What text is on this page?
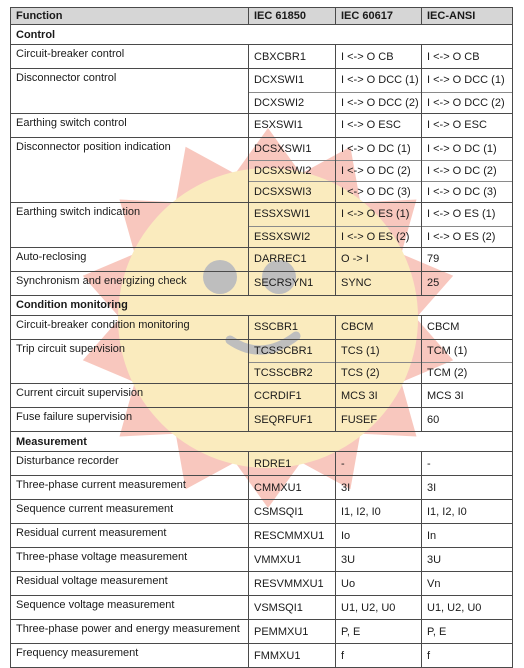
Function	IEC 61850	IEC 60617	IEC-ANSI
Control			
Circuit-breaker control	CBXCBR1	I <-> O CB	I <-> O CB
Disconnector control	DCXSWI1	I <-> O DCC (1)	I <-> O DCC (1)
	DCXSWI2	I <-> O DCC (2)	I <-> O DCC (2)
Earthing switch control	ESXSWI1	I <-> O ESC	I <-> O ESC
Disconnector position indication	DCSXSWI1	I <-> O DC (1)	I <-> O DC (1)
	DCSXSWI2	I <-> O DC (2)	I <-> O DC (2)
	DCSXSWI3	I <-> O DC (3)	I <-> O DC (3)
Earthing switch indication	ESSXSWI1	I <-> O ES (1)	I <-> O ES (1)
	ESSXSWI2	I <-> O ES (2)	I <-> O ES (2)
Auto-reclosing	DARREC1	O -> I	79
Synchronism and energizing check	SECRSYN1	SYNC	25
Condition monitoring			
Circuit-breaker condition monitoring	SSCBR1	CBCM	CBCM
Trip circuit supervision	TCSSCBR1	TCS (1)	TCM (1)
	TCSSCBR2	TCS (2)	TCM (2)
Current circuit supervision	CCRDIF1	MCS 3I	MCS 3I
Fuse failure supervision	SEQRFUF1	FUSEF	60
Measurement			
Disturbance recorder	RDRE1	-	-
Three-phase current measurement	CMMXU1	3I	3I
Sequence current measurement	CSMSQI1	I1, I2, I0	I1, I2, I0
Residual current measurement	RESCMMXU1	Io	In
Three-phase voltage measurement	VMMXU1	3U	3U
Residual voltage measurement	RESVMMXU1	Uo	Vn
Sequence voltage measurement	VSMSQI1	U1, U2, U0	U1, U2, U0
Three-phase power and energy measurement	PEMMXU1	P, E	P, E
Frequency measurement	FMMXU1	f	f
